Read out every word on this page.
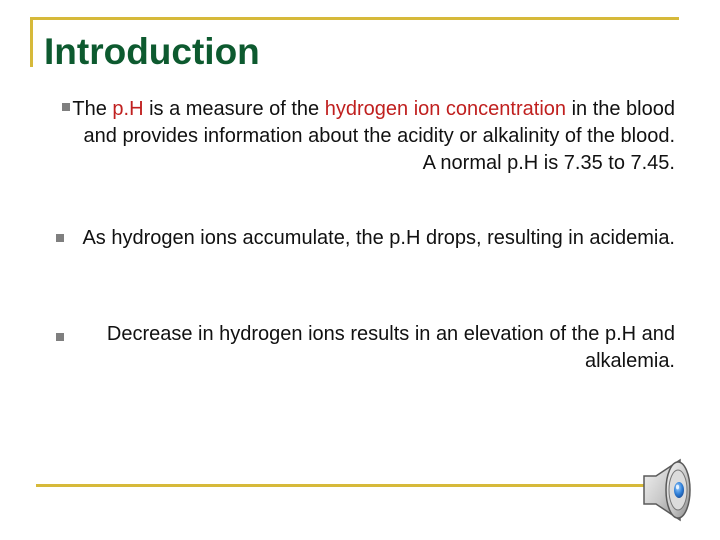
Introduction

The p.H is a measure of the hydrogen ion concentration in the blood and provides information about the acidity or alkalinity of the blood. A normal p.H is 7.35 to 7.45.

As hydrogen ions accumulate, the p.H drops, resulting in acidemia.

Decrease in hydrogen ions results in an elevation of the p.H and alkalemia.
